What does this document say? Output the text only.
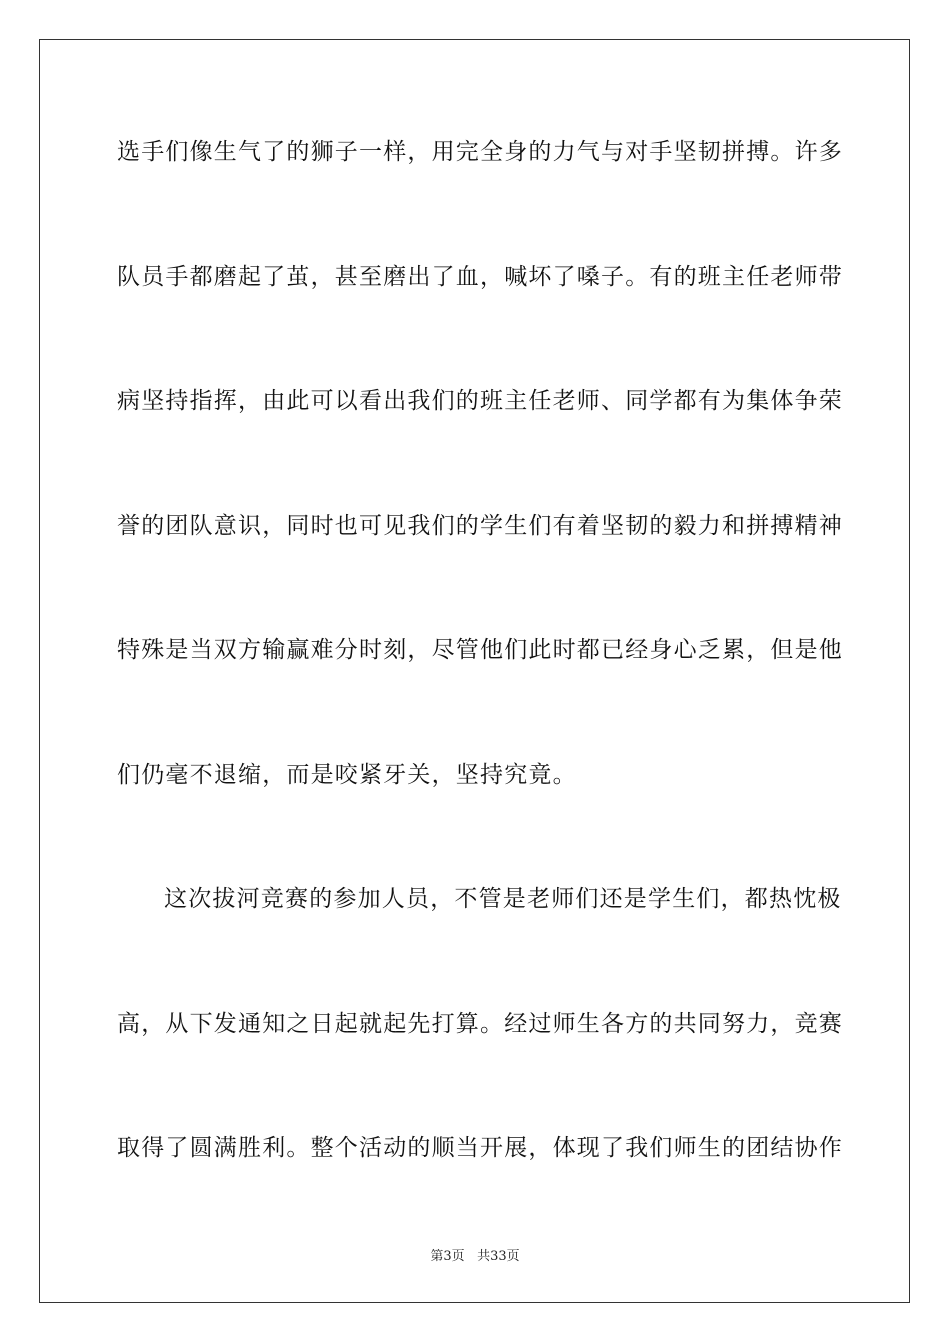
选手们像生气了的狮子一样，用完全身的力气与对手坚韧拼搏。许多
队员手都磨起了茧，甚至磨出了血，喊坏了嗓子。有的班主任老师带
病坚持指挥，由此可以看出我们的班主任老师、同学都有为集体争荣
誉的团队意识，同时也可见我们的学生们有着坚韧的毅力和拼搏精神
特殊是当双方输赢难分时刻，尽管他们此时都已经身心乏累，但是他
们仍毫不退缩，而是咬紧牙关，坚持究竟。
这次拔河竞赛的参加人员，不管是老师们还是学生们，都热忱极
高，从下发通知之日起就起先打算。经过师生各方的共同努力，竞赛
取得了圆满胜利。整个活动的顺当开展，体现了我们师生的团结协作
第3页 共33页
